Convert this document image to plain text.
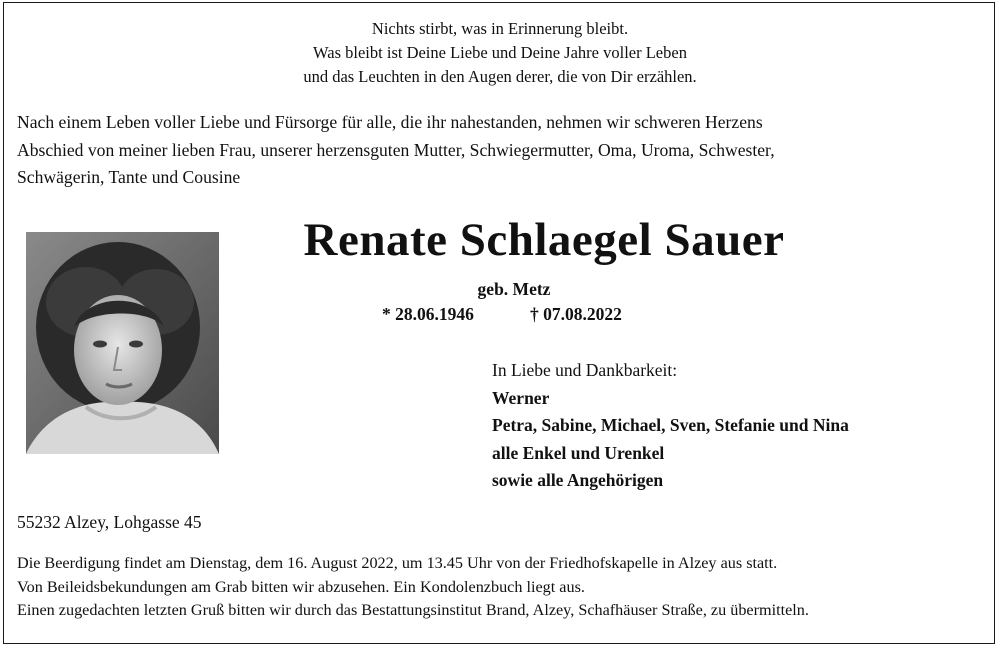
Nichts stirbt, was in Erinnerung bleibt.
Was bleibt ist Deine Liebe und Deine Jahre voller Leben
und das Leuchten in den Augen derer, die von Dir erzählen.
Nach einem Leben voller Liebe und Fürsorge für alle, die ihr nahestanden, nehmen wir schweren Herzens
Abschied von meiner lieben Frau, unserer herzensguten Mutter, Schwiegermutter, Oma, Uroma, Schwester,
Schwägerin, Tante und Cousine
Renate Schlaegel Sauer
geb. Metz
* 28.06.1946	† 07.08.2022
In Liebe und Dankbarkeit:
Werner
Petra, Sabine, Michael, Sven, Stefanie und Nina
alle Enkel und Urenkel
sowie alle Angehörigen
55232 Alzey, Lohgasse 45
Die Beerdigung findet am Dienstag, dem 16. August 2022, um 13.45 Uhr von der Friedhofskapelle in Alzey aus statt.
Von Beileidsbekundungen am Grab bitten wir abzusehen. Ein Kondolenzbuch liegt aus.
Einen zugedachten letzten Gruß bitten wir durch das Bestattungsinstitut Brand, Alzey, Schafhäuser Straße, zu übermitteln.
